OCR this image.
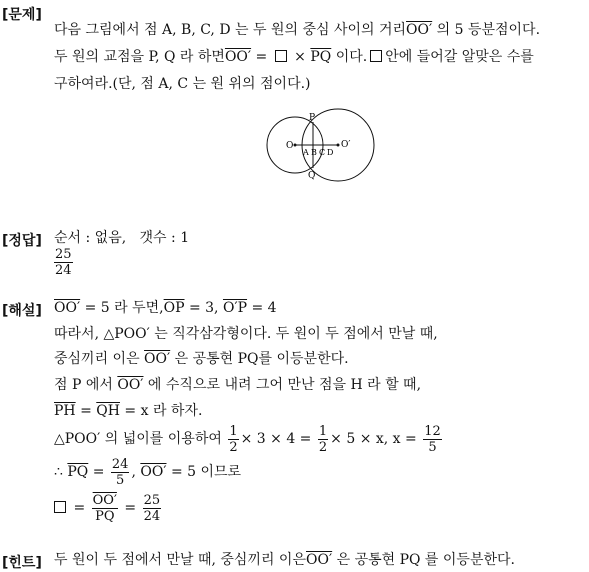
[문제]
다음 그림에서 점 A, B, C, D 는 두 원의 중심 사이의 거리OO′ 의 5 등분점이다.
두 원의 교점을 P, Q 라 하면OO′ =  × $\overline{PQ}$ 이다. 안에 들어갈 알맞은 수를
구하여라.(단, 점 A, C 는 원 위의 점이다.)
P
Q
O	O′
A B C D
[정답] 순서 : 없음, 갯수 : 1
$\frac{25}{24}$
[해설] OO′ = 5 라 두면$,\overline{OP} = 3$, O′P = 4
따라서, △POO′ 는 직각삼각형이다. 두 원이 두 점에서 만날 때,
중심끼리 이은 OO′ 은 공통현 PQ를 이등분한다.
점 P 에서 OO′ 에 수직으로 내려 그어 만난 점을 H 라 할 때,
$\overline{PH} = \overline{QH} = x$ 라 하자.
△POO′ 의 넓이를 이용하여 $\frac{1}{2} \times 3 \times 4 = \frac{1}{2} \times 5 \times x$, $x = \frac{12}{5}$
∴ $\overline{PQ} = \frac{24}{5}$ , OO′ = 5 이므로
= $\frac{OO'}{PQ} = \frac{25}{24}$
[힌트] 두 원이 두 점에서 만날 때, 중심끼리 이은OO′ 은 공통현 PQ 를 이등분한다.
